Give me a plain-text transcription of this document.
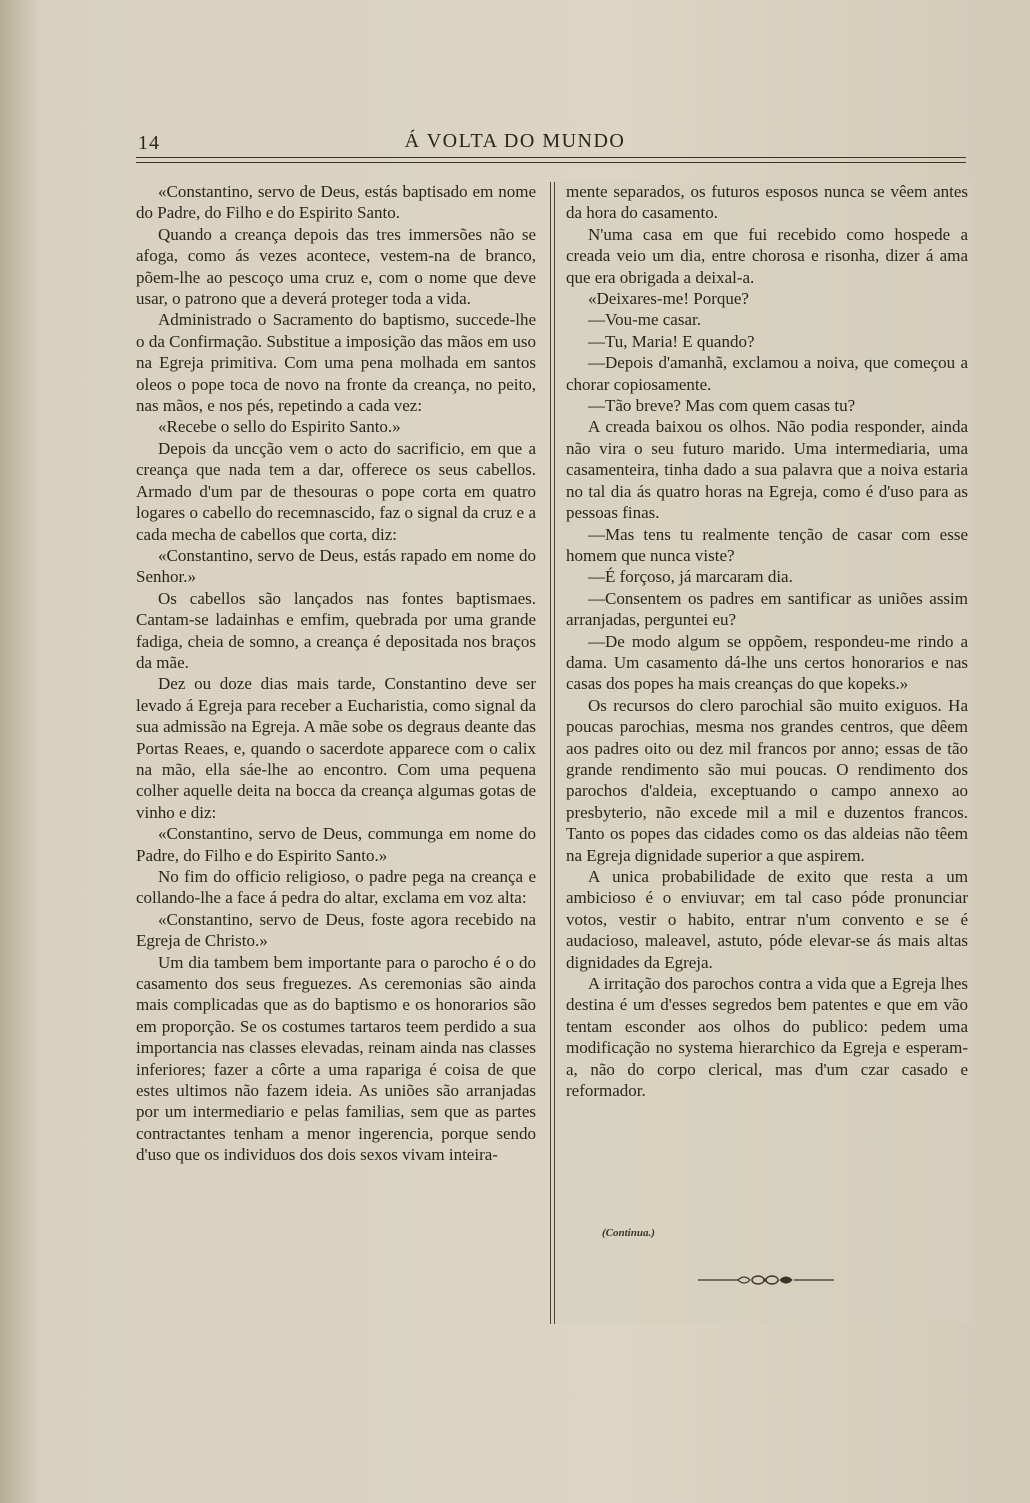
14	Á VOLTA DO MUNDO

«Constantino, servo de Deus, estás baptisado em nome do Padre, do Filho e do Espirito Santo.

Quando a creança depois das tres immersões não se afoga, como ás vezes acontece, vestem-na de branco, põem-lhe ao pescoço uma cruz e, com o nome que deve usar, o patrono que a deverá proteger toda a vida.

Administrado o Sacramento do baptismo, succede-lhe o da Confirmação. Substitue a imposição das mãos em uso na Egreja primitiva. Com uma pena molhada em santos oleos o pope toca de novo na fronte da creança, no peito, nas mãos, e nos pés, repetindo a cada vez:

«Recebe o sello do Espirito Santo.»

Depois da uncção vem o acto do sacrificio, em que a creança que nada tem a dar, offerece os seus cabellos. Armado d'um par de thesouras o pope corta em quatro logares o cabello do recemnascido, faz o signal da cruz e a cada mecha de cabellos que corta, diz:

«Constantino, servo de Deus, estás rapado em nome do Senhor.»

Os cabellos são lançados nas fontes baptismaes. Cantam-se ladainhas e emfim, quebrada por uma grande fadiga, cheia de somno, a creança é depositada nos braços da mãe.

Dez ou doze dias mais tarde, Constantino deve ser levado á Egreja para receber a Eucharistia, como signal da sua admissão na Egreja. A mãe sobe os degraus deante das Portas Reaes, e, quando o sacerdote apparece com o calix na mão, ella sáe-lhe ao encontro. Com uma pequena colher aquelle deita na bocca da creança algumas gotas de vinho e diz:

«Constantino, servo de Deus, communga em nome do Padre, do Filho e do Espirito Santo.»

No fim do officio religioso, o padre pega na creança e collando-lhe a face á pedra do altar, exclama em voz alta:

«Constantino, servo de Deus, foste agora recebido na Egreja de Christo.»

Um dia tambem bem importante para o parocho é o do casamento dos seus freguezes. As ceremonias são ainda mais complicadas que as do baptismo e os honorarios são em proporção. Se os costumes tartaros teem perdido a sua importancia nas classes elevadas, reinam ainda nas classes inferiores; fazer a côrte a uma rapariga é coisa de que estes ultimos não fazem ideia. As uniões são arranjadas por um intermediario e pelas familias, sem que as partes contractantes tenham a menor ingerencia, porque sendo d'uso que os individuos dos dois sexos vivam inteira-

mente separados, os futuros esposos nunca se vêem antes da hora do casamento.

N'uma casa em que fui recebido como hospede a creada veio um dia, entre chorosa e risonha, dizer á ama que era obrigada a deixal-a.

«Deixares-me! Porque?

—Vou-me casar.

—Tu, Maria! E quando?

—Depois d'amanhã, exclamou a noiva, que começou a chorar copiosamente.

—Tão breve? Mas com quem casas tu?

A creada baixou os olhos. Não podia responder, ainda não vira o seu futuro marido. Uma intermediaria, uma casamenteira, tinha dado a sua palavra que a noiva estaria no tal dia ás quatro horas na Egreja, como é d'uso para as pessoas finas.

—Mas tens tu realmente tenção de casar com esse homem que nunca viste?

—É forçoso, já marcaram dia.

—Consentem os padres em santificar as uniões assim arranjadas, perguntei eu?

—De modo algum se oppõem, respondeu-me rindo a dama. Um casamento dá-lhe uns certos honorarios e nas casas dos popes ha mais creanças do que kopeks.»

Os recursos do clero parochial são muito exiguos. Ha poucas parochias, mesma nos grandes centros, que dêem aos padres oito ou dez mil francos por anno; essas de tão grande rendimento são mui poucas. O rendimento dos parochos d'aldeia, exceptuando o campo annexo ao presbyterio, não excede mil a mil e duzentos francos. Tanto os popes das cidades como os das aldeias não têem na Egreja dignidade superior a que aspirem.

A unica probabilidade de exito que resta a um ambicioso é o enviuvar; em tal caso póde pronunciar votos, vestir o habito, entrar n'um convento e se é audacioso, maleavel, astuto, póde elevar-se ás mais altas dignidades da Egreja.

A irritação dos parochos contra a vida que a Egreja lhes destina é um d'esses segredos bem patentes e que em vão tentam esconder aos olhos do publico: pedem uma modificação no systema hierarchico da Egreja e esperam-a, não do corpo clerical, mas d'um czar casado e reformador.

(Continua.)
